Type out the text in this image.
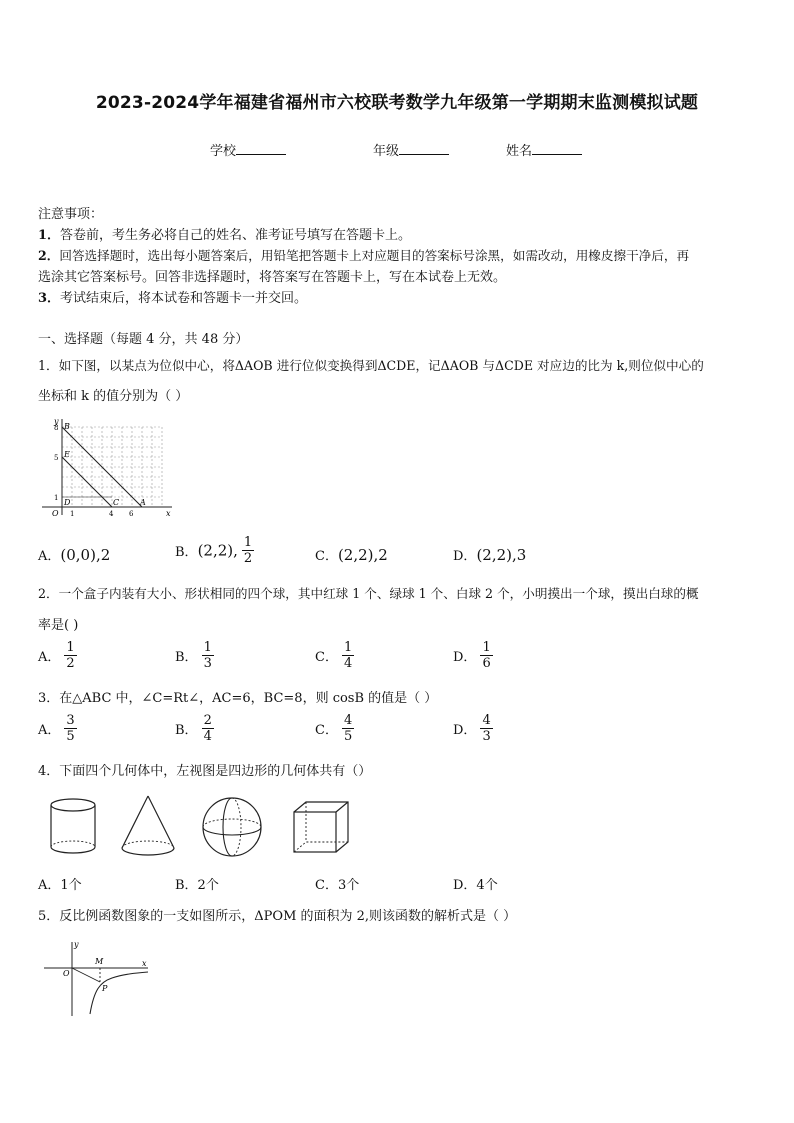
2023-2024学年福建省福州市六校联考数学九年级第一学期期末监测模拟试题
学校	年级	姓名
注意事项：
1．答卷前，考生务必将自己的姓名、准考证号填写在答题卡上。
2．回答选择题时，选出每小题答案后，用铅笔把答题卡上对应题目的答案标号涂黑，如需改动，用橡皮擦干净后，再
选涂其它答案标号。回答非选择题时，将答案写在答题卡上，写在本试卷上无效。
3．考试结束后，将本试卷和答题卡一并交回。
一、选择题（每题 4 分，共 48 分）
1．如下图，以某点为位似中心，将ΔAOB 进行位似变换得到ΔCDE，记ΔAOB 与ΔCDE 对应边的比为 k,则位似中心的
坐标和 k 的值分别为（ ）
y
x
B
E
D
O
C	A
8
5
1
1	4 6
A．(0,0),2	B．(2,2), $\frac{1}{2}$	C．(2,2),2	D．(2,2),3
2．一个盒子内装有大小、形状相同的四个球，其中红球 1 个、绿球 1 个、白球 2 个，小明摸出一个球，摸出白球的概
率是( )
A． $\frac{1}{2}$	B． $\frac{1}{3}$	C． $\frac{1}{4}$	D． $\frac{1}{6}$
3．在△ABC 中，∠C=Rt∠，AC=6，BC=8，则 cosB 的值是（ ）
A． $\frac{3}{5}$	B． $\frac{2}{4}$	C． $\frac{4}{5}$	D． $\frac{4}{3}$
4．下面四个几何体中，左视图是四边形的几何体共有（）
A．1个	B．2个	C．3个	D．4个
5．反比例函数图象的一支如图所示，ΔPOM 的面积为 2,则该函数的解析式是（ ）
y
x
O
M
P
